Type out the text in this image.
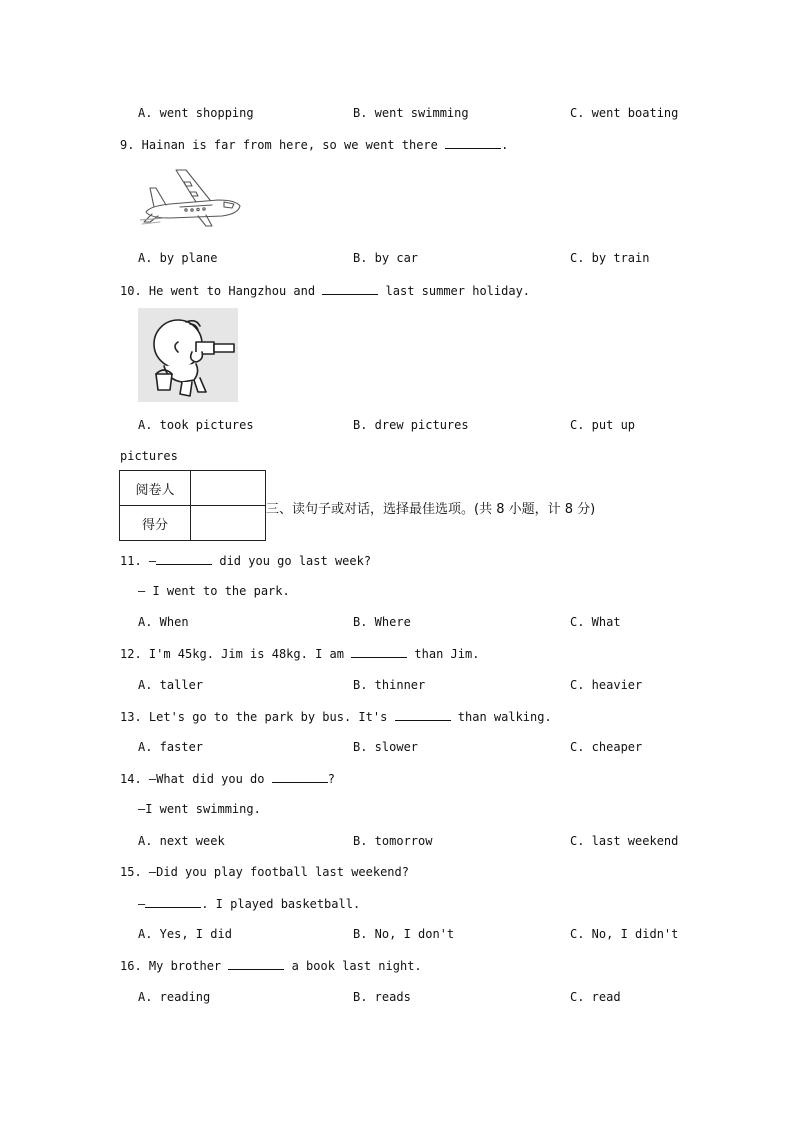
A. went shopping	B. went swimming	C. went boating
9. Hainan is far from here, so we went there	.
A. by plane	B. by car	C. by train
10. He went to Hangzhou and	last summer holiday.
A. took pictures	B. drew pictures	C. put up
pictures
阅卷人	
得分	
三、读句子或对话，选择最佳选项。(共 8 小题，计 8 分)
11. —	did you go last week?
— I went to the park.
A. When	B. Where	C. What
12. I'm 45kg. Jim is 48kg. I am	than Jim.
A. taller	B. thinner	C. heavier
13. Let's go to the park by bus. It's	than walking.
A. faster	B. slower	C. cheaper
14. —What did you do	?
—I went swimming.
A. next week	B. tomorrow	C. last weekend
15. —Did you play football last weekend?
—	. I played basketball.
A. Yes, I did	B. No, I don't	C. No, I didn't
16. My brother	a book last night.
A. reading	B. reads	C. read
